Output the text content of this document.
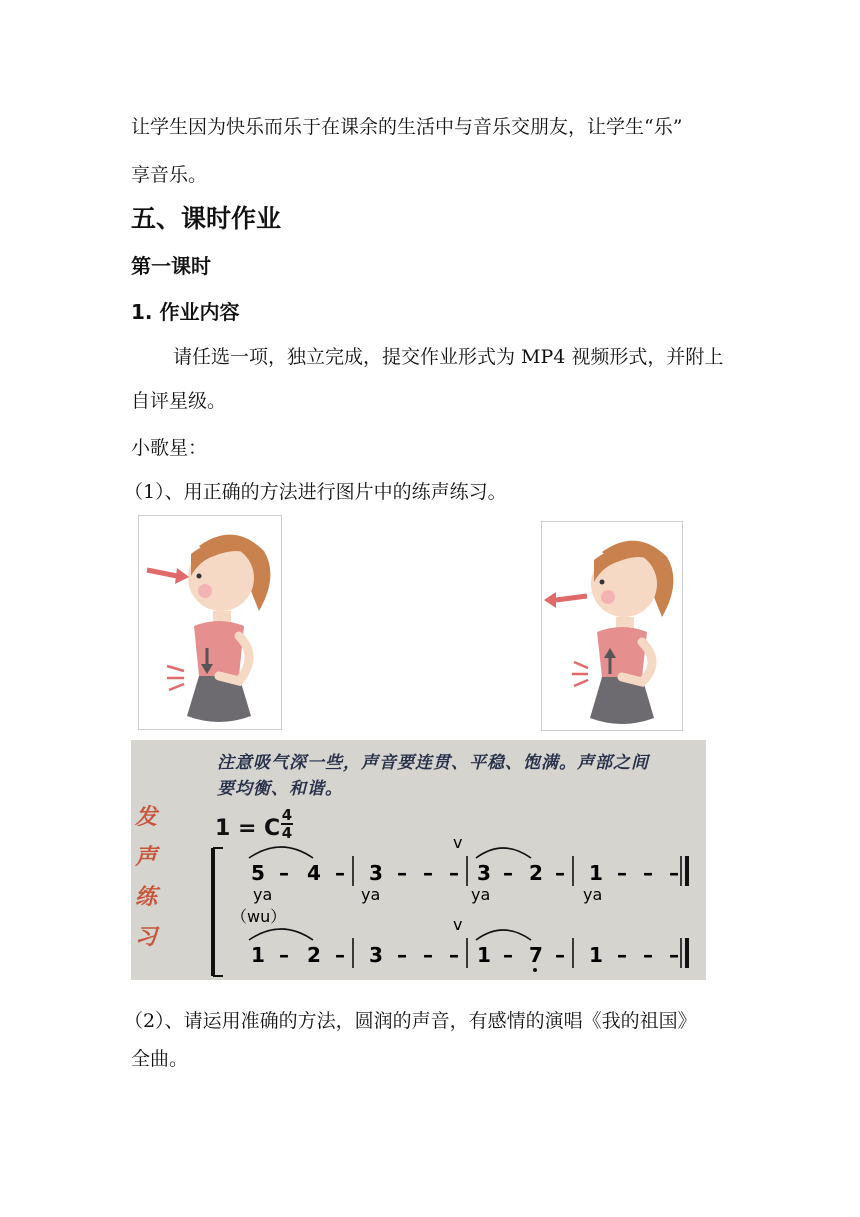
让学生因为快乐而乐于在课余的生活中与音乐交朋友，让学生“乐”
享音乐。
五、课时作业
第一课时
1. 作业内容
请任选一项，独立完成，提交作业形式为 MP4 视频形式，并附上
自评星级。
小歌星：
（1）、用正确的方法进行图片中的练声练习。
注意吸气深一些，声音要连贯、平稳、饱满。声部之间
要均衡、和谐。
发
声
练
习
1 = C
4
4
5 – 4 – 3 – – – 3 – 2 – 1 – – –
1 – 2 – 3 – – – 1 – 7 – 1 – – –
ya	ya	ya	ya
（wu）
v
v
（2）、请运用准确的方法，圆润的声音，有感情的演唱《我的祖国》
全曲。
